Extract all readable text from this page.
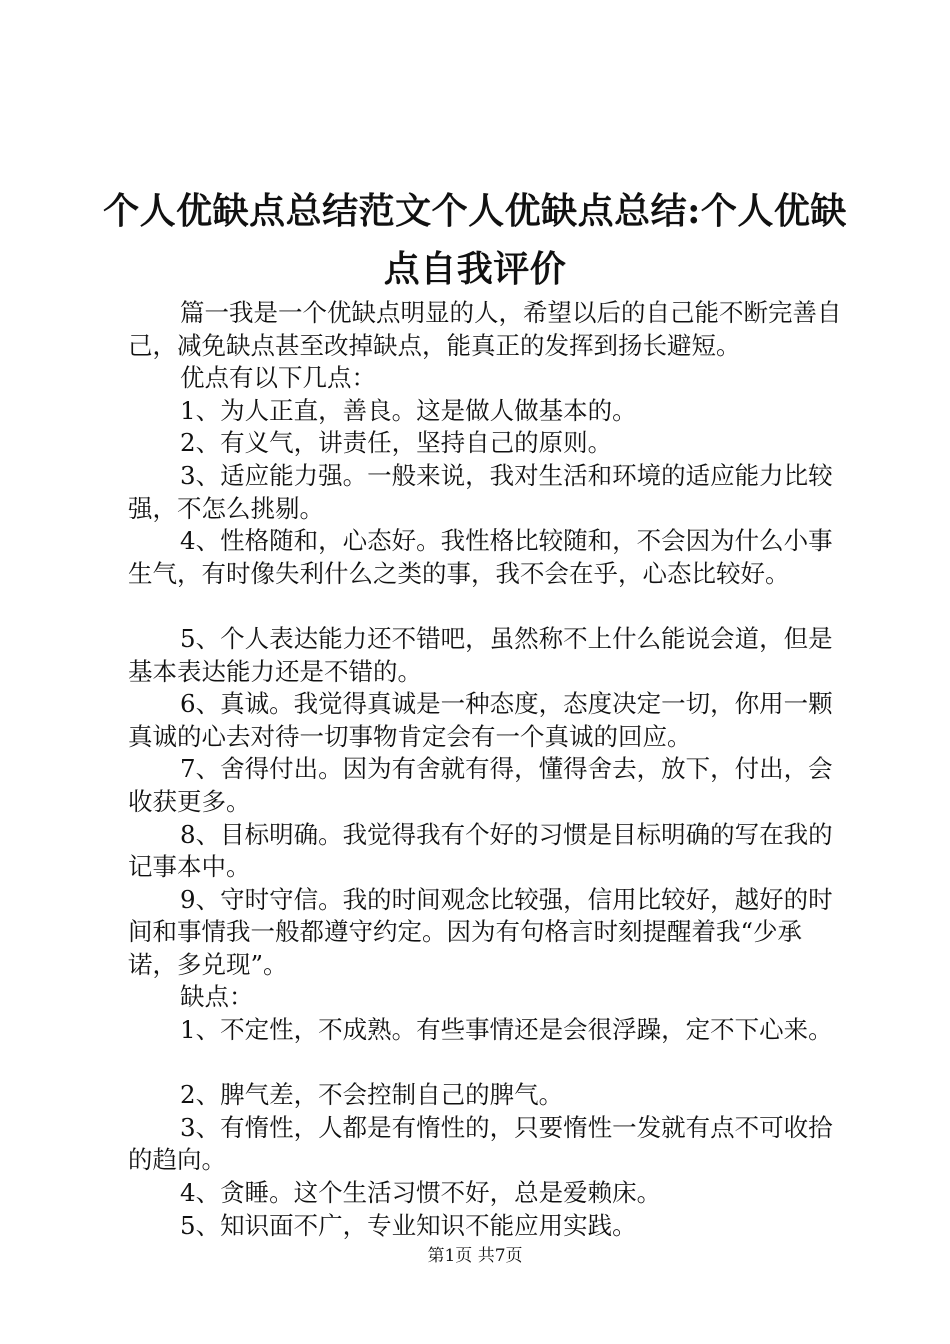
个人优缺点总结范文个人优缺点总结:个人优缺点自我评价

篇一我是一个优缺点明显的人，希望以后的自己能不断完善自己，减免缺点甚至改掉缺点，能真正的发挥到扬长避短。

优点有以下几点：

1、为人正直，善良。这是做人做基本的。

2、有义气，讲责任，坚持自己的原则。

3、适应能力强。一般来说，我对生活和环境的适应能力比较强，不怎么挑剔。

4、性格随和，心态好。我性格比较随和，不会因为什么小事生气，有时像失利什么之类的事，我不会在乎，心态比较好。

5、个人表达能力还不错吧，虽然称不上什么能说会道，但是基本表达能力还是不错的。

6、真诚。我觉得真诚是一种态度，态度决定一切，你用一颗真诚的心去对待一切事物肯定会有一个真诚的回应。

7、舍得付出。因为有舍就有得，懂得舍去，放下，付出，会收获更多。

8、目标明确。我觉得我有个好的习惯是目标明确的写在我的记事本中。

9、守时守信。我的时间观念比较强，信用比较好，越好的时间和事情我一般都遵守约定。因为有句格言时刻提醒着我“少承诺，多兑现”。

缺点：

1、不定性，不成熟。有些事情还是会很浮躁，定不下心来。

2、脾气差，不会控制自己的脾气。

3、有惰性，人都是有惰性的，只要惰性一发就有点不可收拾的趋向。

4、贪睡。这个生活习惯不好，总是爱赖床。

5、知识面不广，专业知识不能应用实践。

第1页 共7页
